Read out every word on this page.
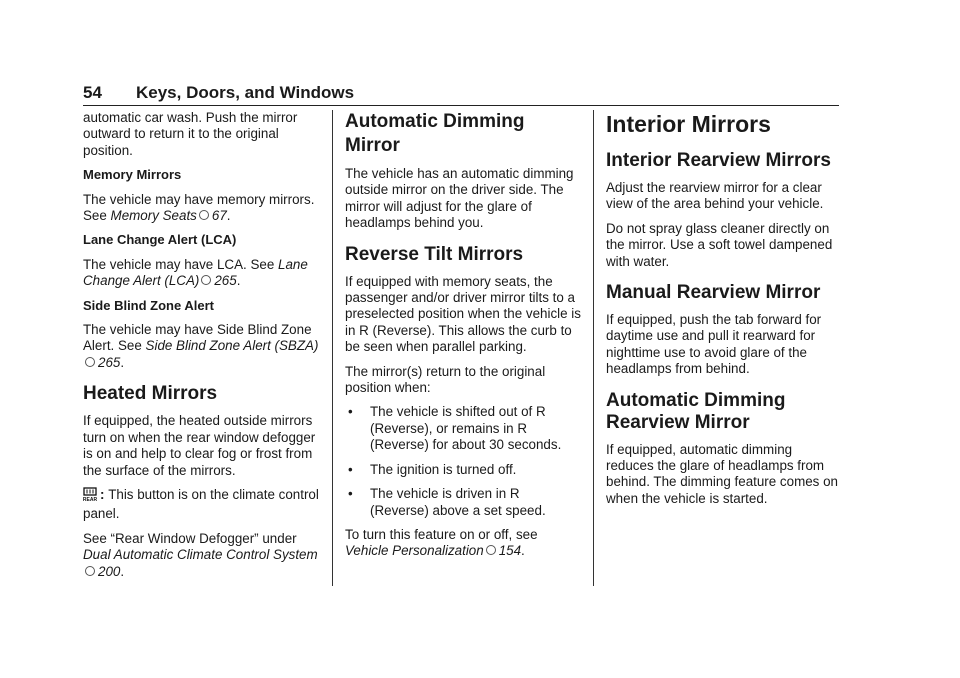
54 Keys, Doors, and Windows

automatic car wash. Push the mirror outward to return it to the original position.

Memory Mirrors

The vehicle may have memory mirrors. See Memory Seats 67.

Lane Change Alert (LCA)

The vehicle may have LCA. See Lane Change Alert (LCA) 265.

Side Blind Zone Alert

The vehicle may have Side Blind Zone Alert. See Side Blind Zone Alert (SBZA)265.

Heated Mirrors

If equipped, the heated outside mirrors turn on when the rear window defogger is on and help to clear fog or frost from the surface of the mirrors.

REAR : This button is on the climate control panel.

See “Rear Window Defogger” under Dual Automatic Climate Control System200.

Automatic Dimming Mirror

The vehicle has an automatic dimming outside mirror on the driver side. The mirror will adjust for the glare of headlamps behind you.

Reverse Tilt Mirrors

If equipped with memory seats, the passenger and/or driver mirror tilts to a preselected position when the vehicle is in R (Reverse). This allows the curb to be seen when parallel parking.

The mirror(s) return to the original position when:

• The vehicle is shifted out of R (Reverse), or remains in R (Reverse) for about 30 seconds.
• The ignition is turned off.
• The vehicle is driven in R (Reverse) above a set speed.

To turn this feature on or off, see Vehicle Personalization 154.

Interior Mirrors
Interior Rearview Mirrors

Adjust the rearview mirror for a clear view of the area behind your vehicle.

Do not spray glass cleaner directly on the mirror. Use a soft towel dampened with water.

Manual Rearview Mirror

If equipped, push the tab forward for daytime use and pull it rearward for nighttime use to avoid glare of the headlamps from behind.

Automatic Dimming Rearview Mirror

If equipped, automatic dimming reduces the glare of headlamps from behind. The dimming feature comes on when the vehicle is started.
